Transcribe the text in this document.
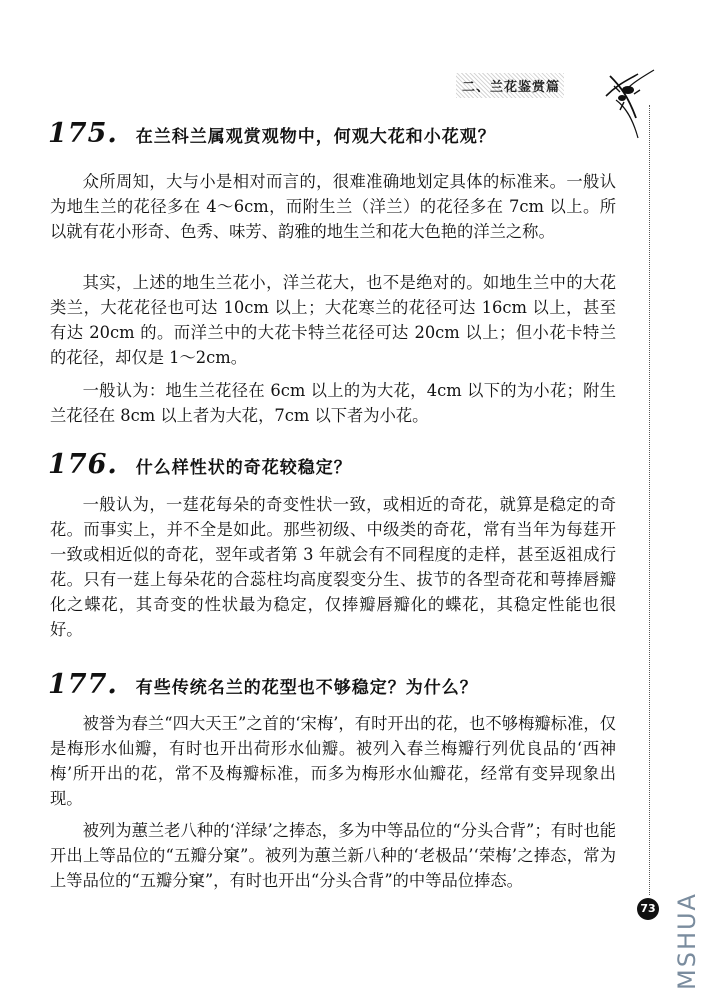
二、兰花鉴赏篇
175. 在兰科兰属观赏观物中，何观大花和小花观？

众所周知，大与小是相对而言的，很难准确地划定具体的标准来。一般认为地生兰的花径多在 4～6cm，而附生兰（洋兰）的花径多在 7cm 以上。所以就有花小形奇、色秀、味芳、韵雅的地生兰和花大色艳的洋兰之称。

其实，上述的地生兰花小，洋兰花大，也不是绝对的。如地生兰中的大花类兰，大花花径也可达 10cm 以上；大花寒兰的花径可达 16cm 以上，甚至有达 20cm 的。而洋兰中的大花卡特兰花径可达 20cm 以上；但小花卡特兰的花径，却仅是 1～2cm。

一般认为：地生兰花径在 6cm 以上的为大花，4cm 以下的为小花；附生兰花径在 8cm 以上者为大花，7cm 以下者为小花。

176. 什么样性状的奇花较稳定？

一般认为，一莛花每朵的奇变性状一致，或相近的奇花，就算是稳定的奇花。而事实上，并不全是如此。那些初级、中级类的奇花，常有当年为每莛开一致或相近似的奇花，翌年或者第 3 年就会有不同程度的走样，甚至返祖成行花。只有一莛上每朵花的合蕊柱均高度裂变分生、拔节的各型奇花和萼捧唇瓣化之蝶花，其奇变的性状最为稳定，仅捧瓣唇瓣化的蝶花，其稳定性能也很好。

177. 有些传统名兰的花型也不够稳定？为什么？

被誉为春兰“四大天王”之首的‘宋梅’，有时开出的花，也不够梅瓣标准，仅是梅形水仙瓣，有时也开出荷形水仙瓣。被列入春兰梅瓣行列优良品的‘西神梅’所开出的花，常不及梅瓣标准，而多为梅形水仙瓣花，经常有变异现象出现。

被列为蕙兰老八种的‘洋绿’之捧态，多为中等品位的“分头合背”；有时也能开出上等品位的“五瓣分窠”。被列为蕙兰新八种的‘老极品’‘荣梅’之捧态，常为上等品位的“五瓣分窠”，有时也开出“分头合背”的中等品位捧态。

73 MSHUA
